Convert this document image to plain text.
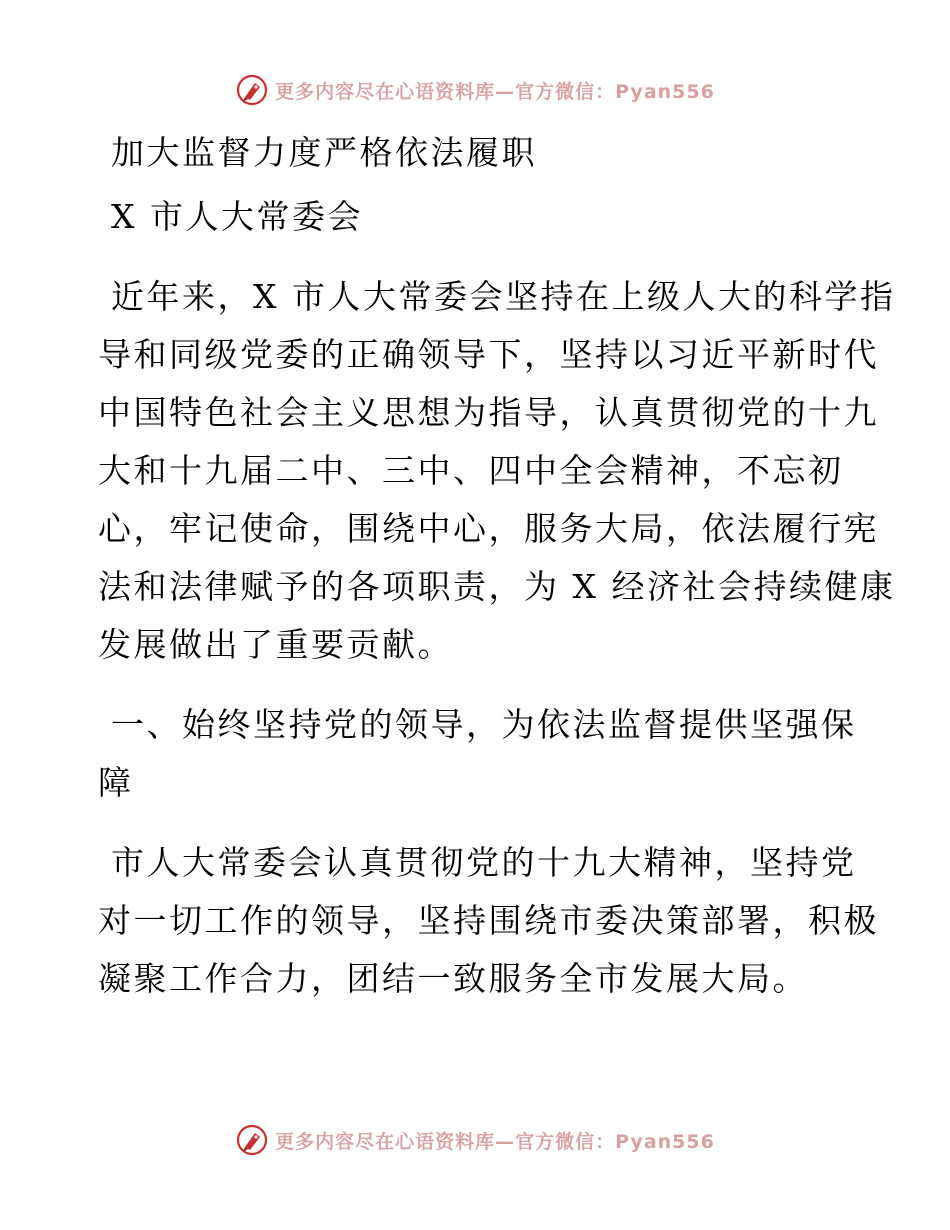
更多内容尽在心语资料库—官方微信：Pyan556

加大监督力度严格依法履职

X 市人大常委会

近年来，X 市人大常委会坚持在上级人大的科学指

导和同级党委的正确领导下，坚持以习近平新时代

中国特色社会主义思想为指导，认真贯彻党的十九

大和十九届二中、三中、四中全会精神，不忘初

心，牢记使命，围绕中心，服务大局，依法履行宪

法和法律赋予的各项职责，为 X 经济社会持续健康

发展做出了重要贡献。

一、始终坚持党的领导，为依法监督提供坚强保

障

市人大常委会认真贯彻党的十九大精神，坚持党

对一切工作的领导，坚持围绕市委决策部署，积极

凝聚工作合力，团结一致服务全市发展大局。

更多内容尽在心语资料库—官方微信：Pyan556
